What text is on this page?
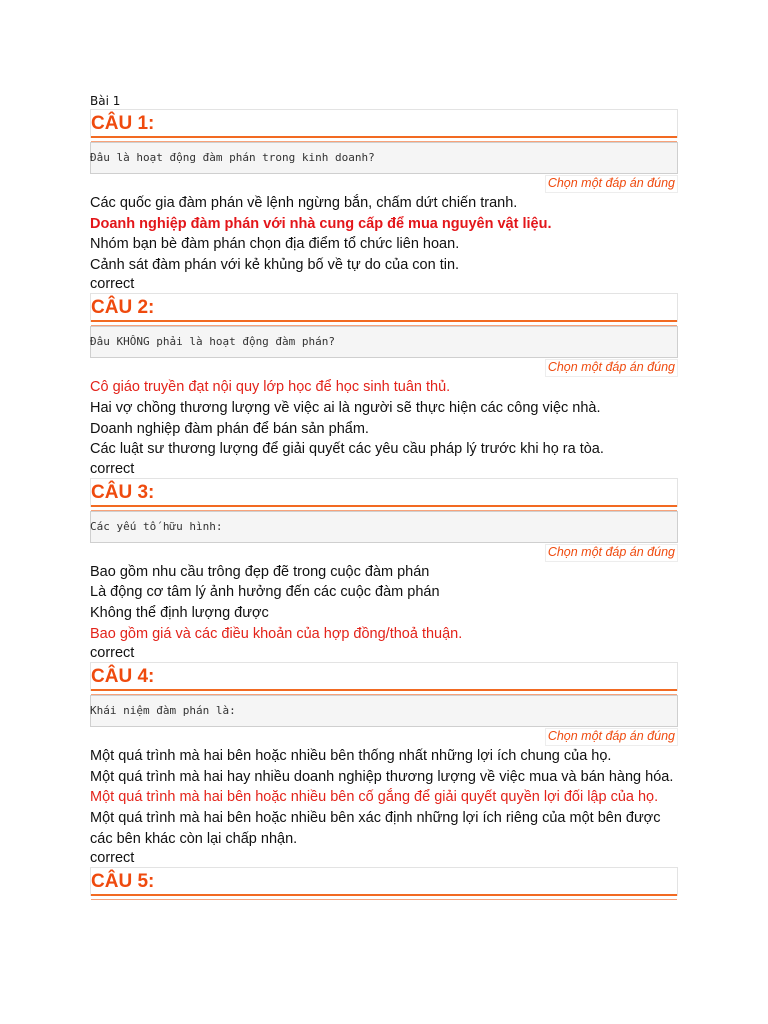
Bài 1
CÂU 1:
Đâu là hoạt động đàm phán trong kinh doanh?
Chọn một đáp án đúng

Các quốc gia đàm phán về lệnh ngừng bắn, chấm dứt chiến tranh.

Doanh nghiệp đàm phán với nhà cung cấp để mua nguyên vật liệu.

Nhóm bạn bè đàm phán chọn địa điểm tổ chức liên hoan.

Cảnh sát đàm phán với kẻ khủng bố về tự do của con tin.

correct
CÂU 2:
Đâu KHÔNG phải là hoạt động đàm phán?
Chọn một đáp án đúng

Cô giáo truyền đạt nội quy lớp học để học sinh tuân thủ.

Hai vợ chồng thương lượng về việc ai là người sẽ thực hiện các công việc nhà.

Doanh nghiệp đàm phán để bán sản phẩm.

Các luật sư thương lượng để giải quyết các yêu cầu pháp lý trước khi họ ra tòa.

correct
CÂU 3:
Các yếu tố hữu hình:
Chọn một đáp án đúng

Bao gồm nhu cầu trông đẹp đẽ trong cuộc đàm phán

Là động cơ tâm lý ảnh hưởng đến các cuộc đàm phán

Không thể định lượng được

Bao gồm giá và các điều khoản của hợp đồng/thoả thuận.

correct
CÂU 4:
Khái niệm đàm phán là:
Chọn một đáp án đúng

Một quá trình mà hai bên hoặc nhiều bên thống nhất những lợi ích chung của họ.

Một quá trình mà hai hay nhiều doanh nghiệp thương lượng về việc mua và bán hàng hóa.

Một quá trình mà hai bên hoặc nhiều bên cố gắng để giải quyết quyền lợi đối lập của họ.

Một quá trình mà hai bên hoặc nhiều bên xác định những lợi ích riêng của một bên được các bên khác còn lại chấp nhận.

correct
CÂU 5:
